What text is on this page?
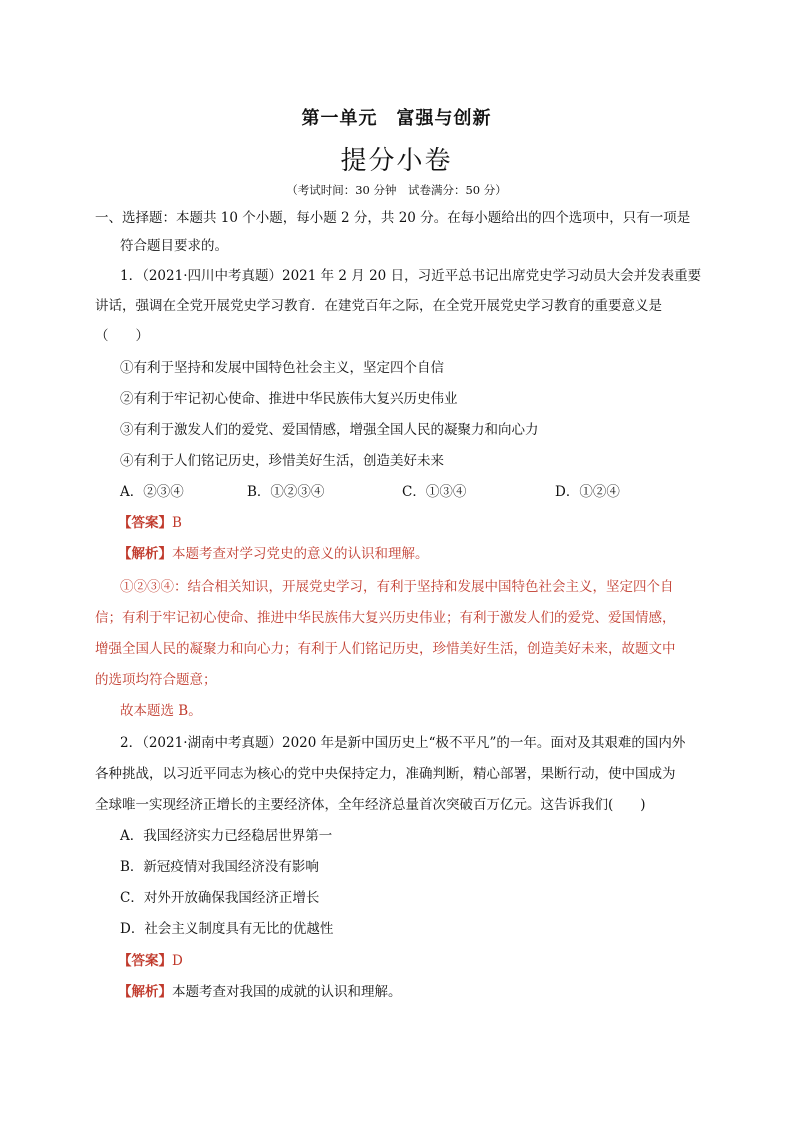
第一单元　富强与创新
提分小卷
（考试时间：30 分钟　试卷满分：50 分）
一、选择题：本题共 10 个小题，每小题 2 分，共 20 分。在每小题给出的四个选项中，只有一项是
符合题目要求的。
1．（2021·四川中考真题）2021 年 2 月 20 日，习近平总书记出席党史学习动员大会并发表重要
讲话，强调在全党开展党史学习教育．在建党百年之际，在全党开展党史学习教育的重要意义是
（　　）
①有利于坚持和发展中国特色社会主义，坚定四个自信
②有利于牢记初心使命、推进中华民族伟大复兴历史伟业
③有利于激发人们的爱党、爱国情感，增强全国人民的凝聚力和向心力
④有利于人们铭记历史，珍惜美好生活，创造美好未来
A．②③④	B．①②③④	C．①③④	D．①②④
【答案】B
【解析】本题考查对学习党史的意义的认识和理解。
①②③④：结合相关知识，开展党史学习，有利于坚持和发展中国特色社会主义，坚定四个自
信；有利于牢记初心使命、推进中华民族伟大复兴历史伟业；有利于激发人们的爱党、爱国情感，
增强全国人民的凝聚力和向心力；有利于人们铭记历史，珍惜美好生活，创造美好未来，故题文中
的选项均符合题意；
故本题选 B。
2．（2021·湖南中考真题）2020 年是新中国历史上“极不平凡”的一年。面对及其艰难的国内外
各种挑战，以习近平同志为核心的党中央保持定力，准确判断，精心部署，果断行动，使中国成为
全球唯一实现经济正增长的主要经济体，全年经济总量首次突破百万亿元。这告诉我们(　　)
A．我国经济实力已经稳居世界第一
B．新冠疫情对我国经济没有影响
C．对外开放确保我国经济正增长
D．社会主义制度具有无比的优越性
【答案】D
【解析】本题考查对我国的成就的认识和理解。
